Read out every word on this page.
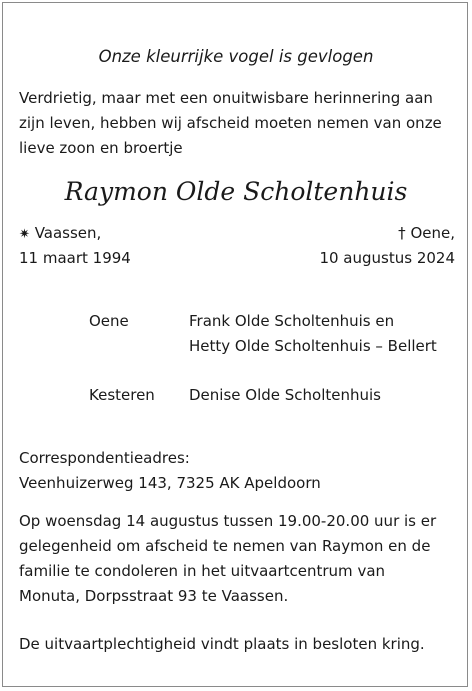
Onze kleurrijke vogel is gevlogen
Verdrietig, maar met een onuitwisbare herinnering aan
zijn leven, hebben wij afscheid moeten nemen van onze
lieve zoon en broertje
Raymon Olde Scholtenhuis
✷ Vaassen,
11 maart 1994
† Oene,
10 augustus 2024
Oene	Frank Olde Scholtenhuis en
Hetty Olde Scholtenhuis – Bellert
Kesteren Denise Olde Scholtenhuis
Correspondentieadres:
Veenhuizerweg 143, 7325 AK Apeldoorn
Op woensdag 14 augustus tussen 19.00-20.00 uur is er
gelegenheid om afscheid te nemen van Raymon en de
familie te condoleren in het uitvaartcentrum van
Monuta, Dorpsstraat 93 te Vaassen.
De uitvaartplechtigheid vindt plaats in besloten kring.
